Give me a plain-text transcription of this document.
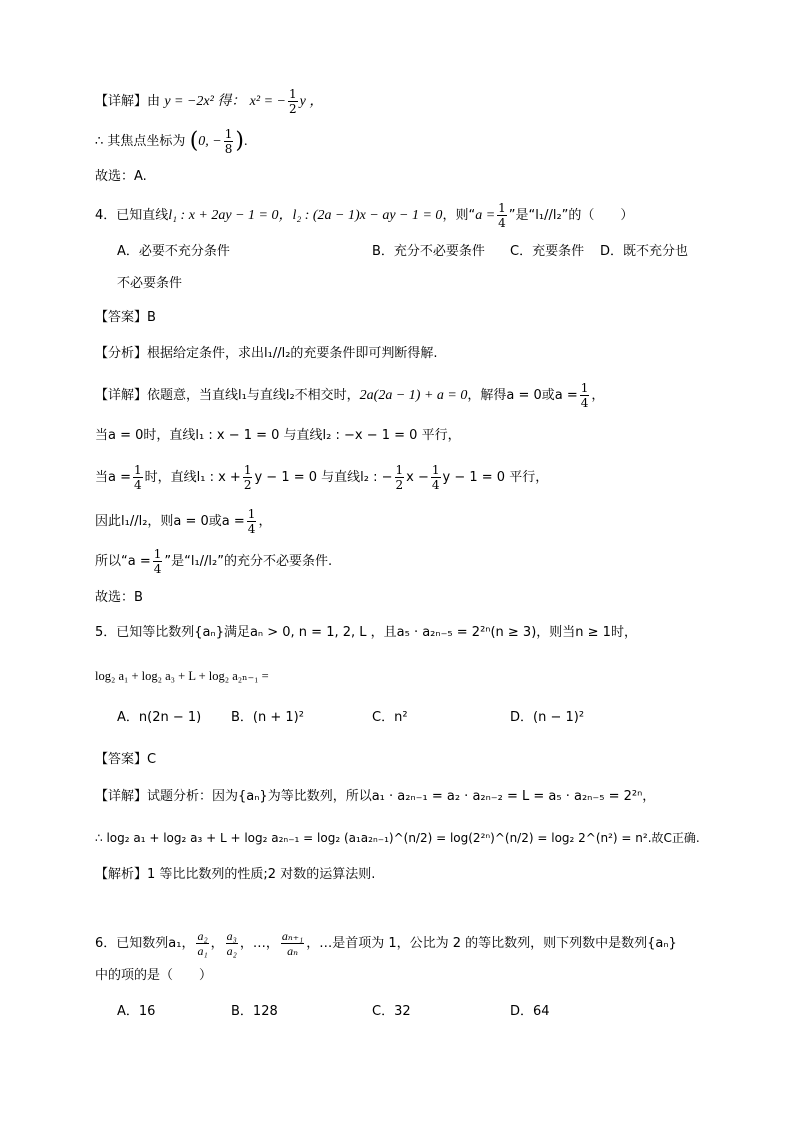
【详解】由 y = −2x² 得： x² = − $\frac{1}{2}$ y ，
∴ 其焦点坐标为 (0, − $\frac{1}{8}$ ).
故选：A.
4．已知直线l₁ : x + 2ay − 1 = 0，l₂ : (2a − 1)x − ay − 1 = 0，则“$a = \frac{1}{4}$ ”是“l₁//l₂”的（　　）
A．必要不充分条件	B．充分不必要条件 C．充要条件 D．既不充分也
不必要条件
【答案】B
【分析】根据给定条件，求出l₁//l₂的充要条件即可判断得解.
【详解】依题意，当直线l₁与直线l₂不相交时，2a(2a − 1) + a = 0，解得a = 0或$a = \frac{1}{4}$ ，
当a = 0时，直线l₁ : x − 1 = 0 与直线l₂ : −x − 1 = 0 平行，
当$a = \frac{1}{4}$ 时，直线l₁ : $x + \frac{1}{2}$ y − 1 = 0 与直线l₂ : − $\frac{1}{2}$ $x - \frac{1}{4}$ y − 1 = 0 平行，
因此l₁//l₂，则a = 0或$a = \frac{1}{4}$ ，
所以“$a = \frac{1}{4}$ ”是“l₁//l₂”的充分不必要条件.
故选：B
5．已知等比数列{aₙ}满足aₙ > 0, n = 1, 2, L ，且a₅ · a₂ₙ₋₅ = 2²ⁿ(n ≥ 3)，则当n ≥ 1时，
log₂ a₁ + log₂ a₃ + L + log₂ a₂ₙ₋₁ =
A．n(2n − 1) B．(n + 1)²	C．n²	D．(n − 1)²
【答案】C
【详解】试题分析：因为{aₙ}为等比数列，所以a₁ · a₂ₙ₋₁ = a₂ · a₂ₙ₋₂ = L = a₅ · a₂ₙ₋₅ = 2²ⁿ，
∴ log₂ a₁ + log₂ a₃ + L + log₂ a₂ₙ₋₁ = log₂ (a₁a₂ₙ₋₁)^(n/2) = log(2²ⁿ)^(n/2) = log₂ 2^(n²) = n².故C正确.
【解析】1 等比比数列的性质;2 对数的运算法则.
6．已知数列a₁， $\frac{\text{a₂}}{\text{a₁}}$ ， $\frac{\text{a₃}}{\text{a₂}}$ ，…， $\frac{\text{aₙ₊₁}}{\text{aₙ}}$ ，…是首项为 1，公比为 2 的等比数列，则下列数中是数列{aₙ}
中的项的是（　　）
A．16	B．128	C．32	D．64
